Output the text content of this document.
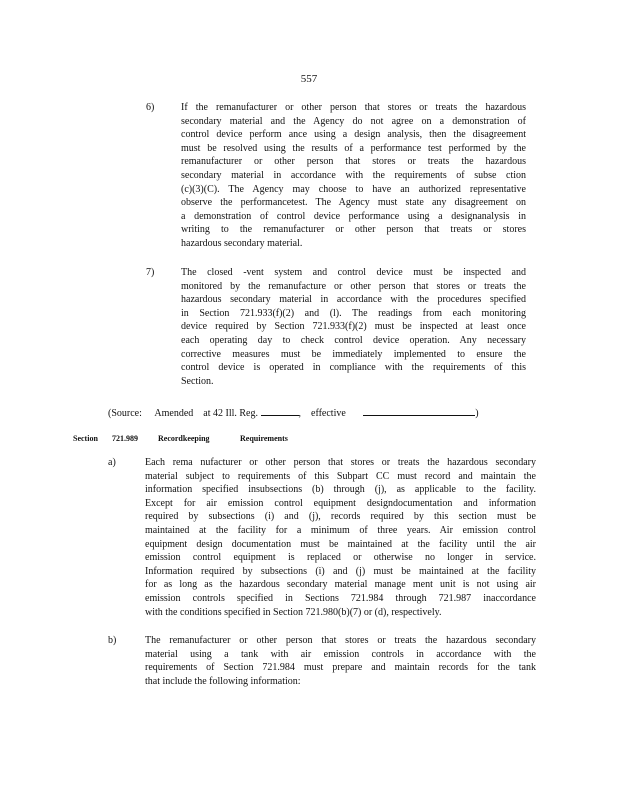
557
6)	If the remanufacturer or other person that stores or treats the hazardous
secondary material and the Agency do not agree on a demonstration of
control device perform ance using a design analysis, then the disagreement
must be resolved using the results of a performance test performed by the
remanufacturer or other person that stores or treats the hazardous
secondary material in accordance with the requirements of subse ction
(c)(3)(C). The Agency may choose to have an authorized representative
observe the performancetest. The Agency must state any disagreement on
a demonstration of control device performance using a designanalysis in
writing to the remanufacturer or other person that treats or stores
hazardous secondary material.
7)	The closed -vent system and control device must be inspected and
monitored by the remanufacture or other person that stores or treats the
hazardous secondary material in accordance with the procedures specified
in Section 721.933(f)(2) and (l). The readings from each monitoring
device required by Section 721.933(f)(2) must be inspected at least once
each operating day to check control device operation. Any necessary
corrective measures must be immediately implemented to ensure the
control device is operated in compliance with the requirements of this
Section.
(Source: Amended at 42 Ill. Reg.	, effective	)
Section 721.989	Recordkeeping	Requirements
a)	Each rema nufacturer or other person that stores or treats the hazardous secondary
material subject to requirements of this Subpart CC must record and maintain the
information specified insubsections (b) through (j), as applicable to the facility.
Except for air emission control equipment designdocumentation and information
required by subsections (i) and (j), records required by this section must be
maintained at the facility for a minimum of three years. Air emission control
equipment design documentation must be maintained at the facility until the air
emission control equipment is replaced or otherwise no longer in service.
Information required by subsections (i) and (j) must be maintained at the facility
for as long as the hazardous secondary material manage ment unit is not using air
emission controls specified in Sections 721.984 through 721.987 inaccordance
with the conditions specified in Section 721.980(b)(7) or (d), respectively.
b)	The remanufacturer or other person that stores or treats the hazardous secondary
material using a tank with air emission controls in accordance with the
requirements of Section 721.984 must prepare and maintain records for the tank
that include the following information:
